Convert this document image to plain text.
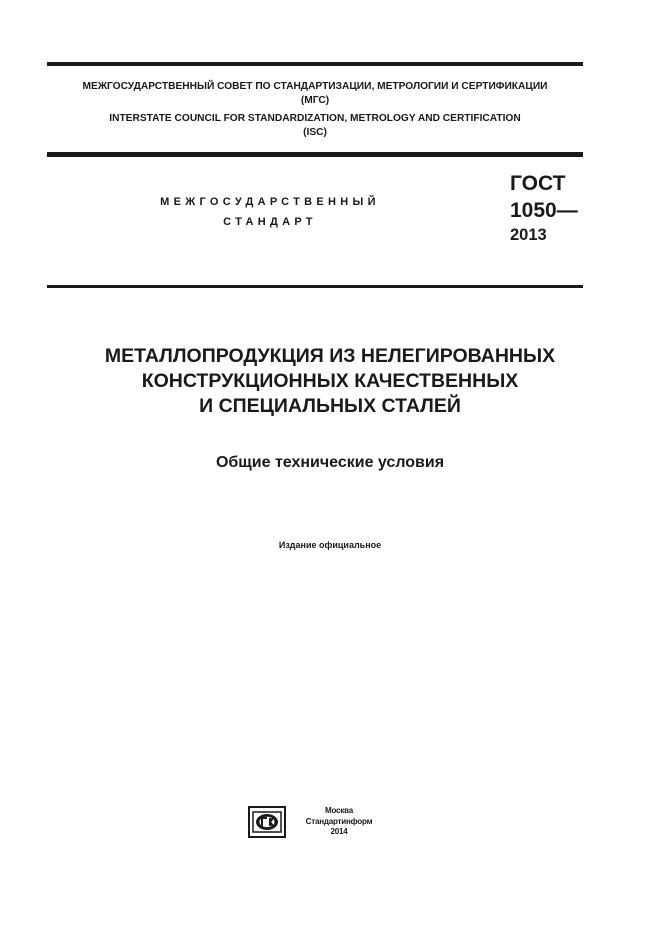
МЕЖГОСУДАРСТВЕННЫЙ СОВЕТ ПО СТАНДАРТИЗАЦИИ, МЕТРОЛОГИИ И СЕРТИФИКАЦИИ
(МГС)
INTERSTATE COUNCIL FOR STANDARDIZATION, METROLOGY AND CERTIFICATION
(ISC)
МЕЖГОСУДАРСТВЕННЫЙ
СТАНДАРТ
ГОСТ
1050—
2013
МЕТАЛЛОПРОДУКЦИЯ ИЗ НЕЛЕГИРОВАННЫХ
КОНСТРУКЦИОННЫХ КАЧЕСТВЕННЫХ
И СПЕЦИАЛЬНЫХ СТАЛЕЙ
Общие технические условия
Издание официальное
Москва
Стандартинформ
2014
